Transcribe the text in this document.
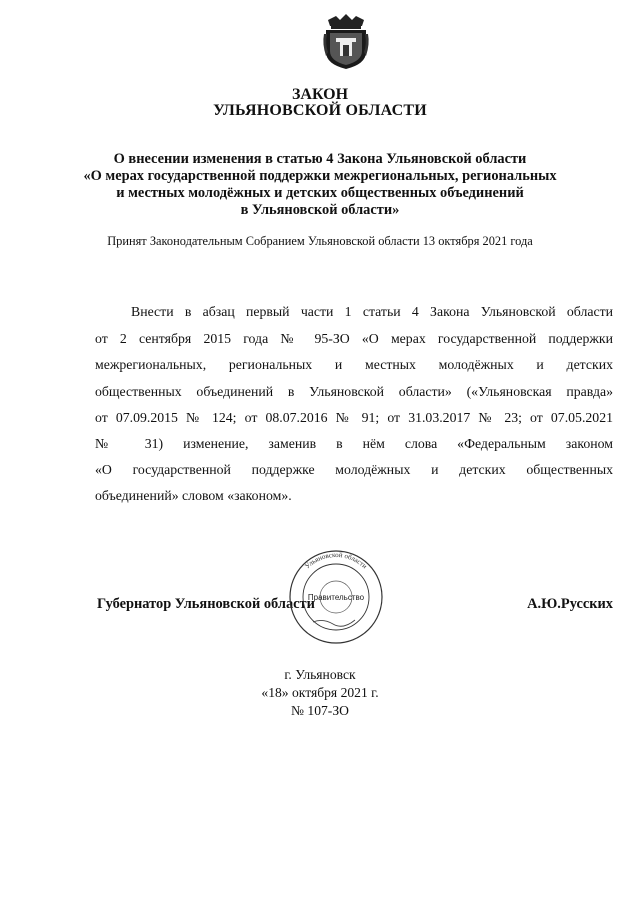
ЗАКОН
УЛЬЯНОВСКОЙ ОБЛАСТИ
О внесении изменения в статью 4 Закона Ульяновской области
«О мерах государственной поддержки межрегиональных, региональных
и местных молодёжных и детских общественных объединений
в Ульяновской области»
Принят Законодательным Собранием Ульяновской области 13 октября 2021 года
Внести в абзац первый части 1 статьи 4 Закона Ульяновской области
от 2 сентября 2015 года № 95-ЗО «О мерах государственной поддержки
межрегиональных, региональных и местных молодёжных и детских
общественных объединений в Ульяновской области» («Ульяновская правда»
от 07.09.2015 № 124; от 08.07.2016 № 91; от 31.03.2017 № 23; от 07.05.2021
№ 31) изменение, заменив в нём слова «Федеральным законом
«О государственной поддержке молодёжных и детских общественных
объединений» словом «законом».
Губернатор Ульяновской области	А.Ю.Русских
Ульяновской области
Правительство
г. Ульяновск
«18» октября 2021 г.
№ 107-ЗО
